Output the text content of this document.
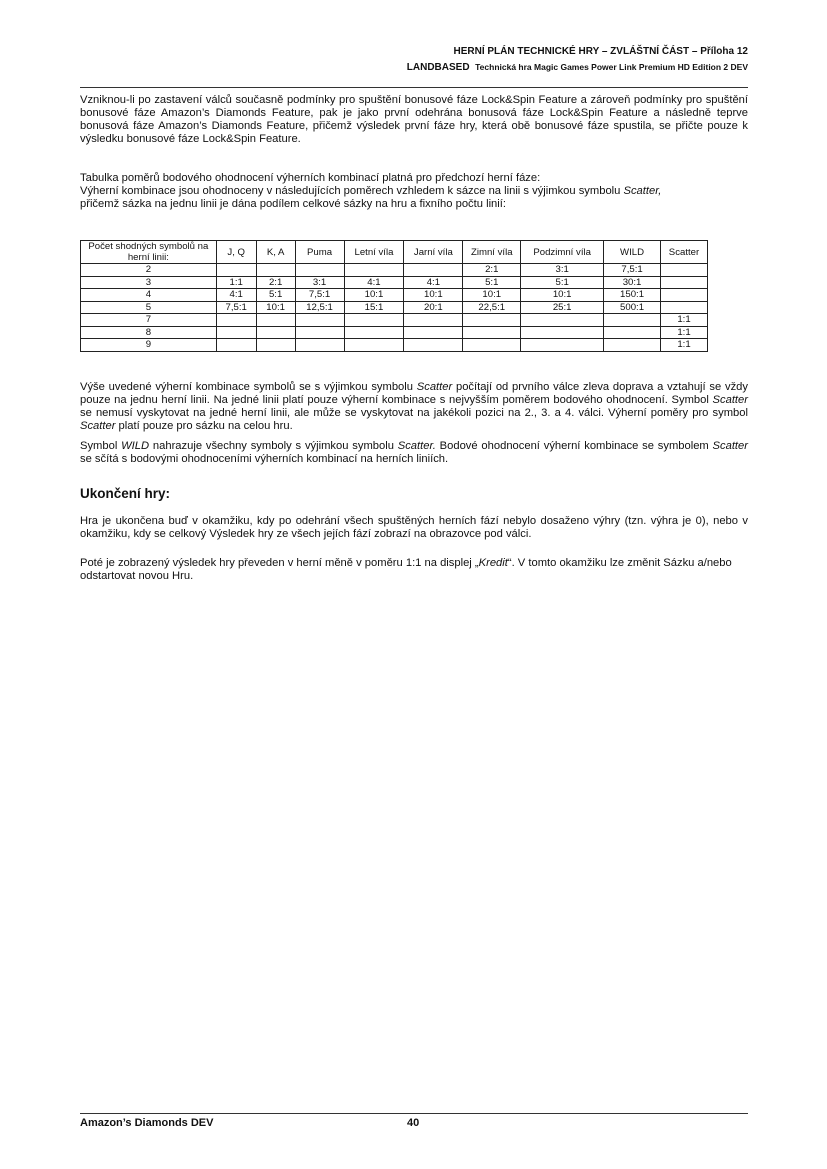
HERNÍ PLÁN TECHNICKÉ HRY – ZVLÁŠTNÍ ČÁST – Příloha 12
LANDBASED Technická hra Magic Games Power Link Premium HD Edition 2 DEV

Vzniknou-li po zastavení válců současně podmínky pro spuštění bonusové fáze Lock&Spin Feature a zároveň podmínky pro spuštění bonusové fáze Amazon’s Diamonds Feature, pak je jako první odehrána bonusová fáze Lock&Spin Feature a následně teprve bonusová fáze Amazon’s Diamonds Feature, přičemž výsledek první fáze hry, která obě bonusové fáze spustila, se přičte pouze k výsledku bonusové fáze Lock&Spin Feature.

Tabulka poměrů bodového ohodnocení výherních kombinací platná pro předchozí herní fáze:
Výherní kombinace jsou ohodnoceny v následujících poměrech vzhledem k sázce na linii s výjimkou symbolu Scatter,
přičemž sázka na jednu linii je dána podílem celkové sázky na hru a fixního počtu linií:
Počet shodných symbolů na herní linii:	J, Q	K, A	Puma	Letní víla	Jarní víla	Zimní víla	Podzimní víla	WILD	Scatter
2						2:1	3:1	7,5:1	
3	1:1	2:1	3:1	4:1	4:1	5:1	5:1	30:1	
4	4:1	5:1	7,5:1	10:1	10:1	10:1	10:1	150:1	
5	7,5:1	10:1	12,5:1	15:1	20:1	22,5:1	25:1	500:1	
7									1:1
8									1:1
9									1:1

Výše uvedené výherní kombinace symbolů se s výjimkou symbolu Scatter počítají od prvního válce zleva doprava a vztahují se vždy pouze na jednu herní linii. Na jedné linii platí pouze výherní kombinace s nejvyšším poměrem bodového ohodnocení. Symbol Scatter se nemusí vyskytovat na jedné herní linii, ale může se vyskytovat na jakékoli pozici na 2., 3. a 4. válci. Výherní poměry pro symbol Scatter platí pouze pro sázku na celou hru.

Symbol WILD nahrazuje všechny symboly s výjimkou symbolu Scatter. Bodové ohodnocení výherní kombinace se symbolem Scatter se sčítá s bodovými ohodnoceními výherních kombinací na herních liniích.

Ukončení hry:

Hra je ukončena buď v okamžiku, kdy po odehrání všech spuštěných herních fází nebylo dosaženo výhry (tzn. výhra je 0), nebo v okamžiku, kdy se celkový Výsledek hry ze všech jejích fází zobrazí na obrazovce pod válci.

Poté je zobrazený výsledek hry převeden v herní měně v poměru 1:1 na displej „Kredit“. V tomto okamžiku lze změnit Sázku a/nebo odstartovat novou Hru.

Amazon’s Diamonds DEV	40
